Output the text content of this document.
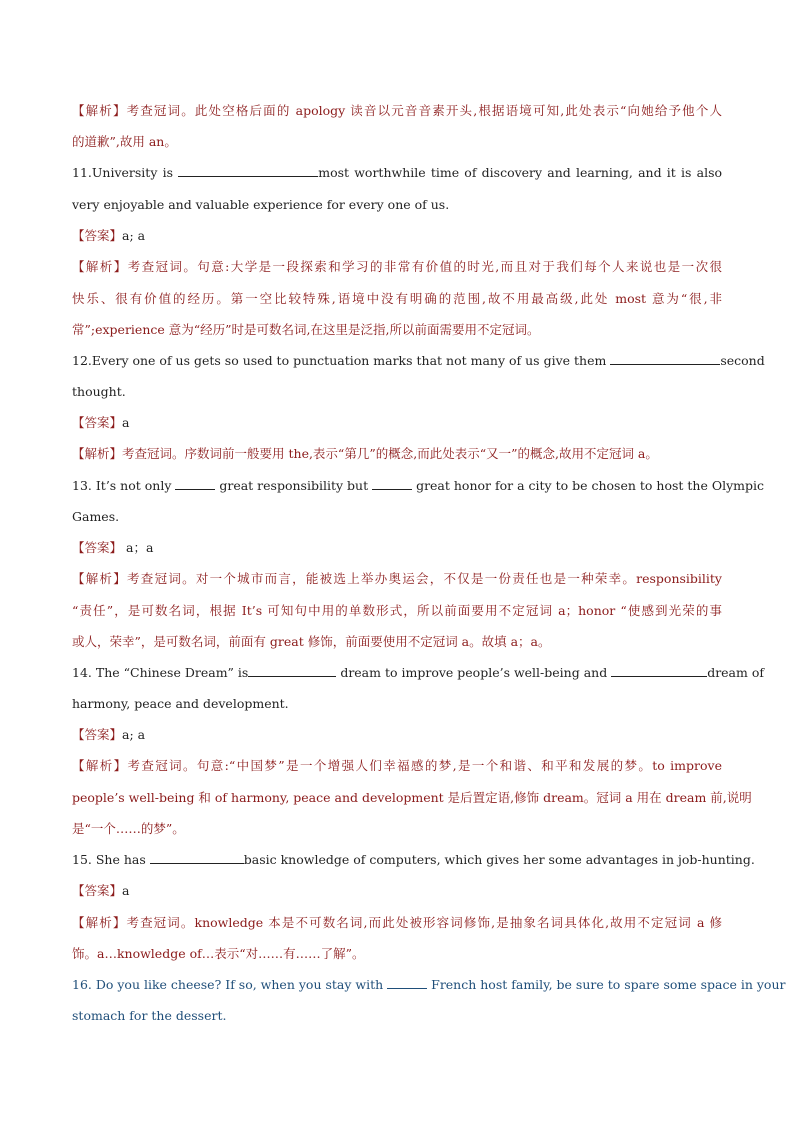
【解析】考查冠词。此处空格后面的 apology 读音以元音音素开头,根据语境可知,此处表示“向她给予他个人
的道歉”,故用 an。
11.University is	most worthwhile time of discovery and learning, and it is also
very enjoyable and valuable experience for every one of us.
【答案】a; a
【解析】考查冠词。句意:大学是一段探索和学习的非常有价值的时光,而且对于我们每个人来说也是一次很
快乐、很有价值的经历。第一空比较特殊,语境中没有明确的范围,故不用最高级,此处 most 意为“很,非
常”;experience 意为“经历”时是可数名词,在这里是泛指,所以前面需要用不定冠词。
12.Every one of us gets so used to punctuation marks that not many of us give them	second
thought.
【答案】a
【解析】考查冠词。序数词前一般要用 the,表示“第几”的概念,而此处表示“又一”的概念,故用不定冠词 a。
13. It’s not only	great responsibility but	great honor for a city to be chosen to host the Olympic
Games.
【答案】 a；a
【解析】考查冠词。对一个城市而言，能被选上举办奥运会，不仅是一份责任也是一种荣幸。responsibility
“责任”，是可数名词，根据 It’s 可知句中用的单数形式，所以前面要用不定冠词 a；honor “使感到光荣的事
或人，荣幸”，是可数名词，前面有 great 修饰，前面要使用不定冠词 a。故填 a；a。
14. The “Chinese Dream” is	dream to improve people’s well-being and	dream of
harmony, peace and development.
【答案】a; a
【解析】考查冠词。句意:“中国梦”是一个增强人们幸福感的梦,是一个和谐、和平和发展的梦。to improve
people’s well-being 和 of harmony, peace and development 是后置定语,修饰 dream。冠词 a 用在 dream 前,说明
是“一个……的梦”。
15. She has	basic knowledge of computers, which gives her some advantages in job-hunting.
【答案】a
【解析】考查冠词。knowledge 本是不可数名词,而此处被形容词修饰,是抽象名词具体化,故用不定冠词 a 修
饰。a…knowledge of…表示“对……有……了解”。
16. Do you like cheese? If so, when you stay with	French host family, be sure to spare some space in your
stomach for the dessert.
